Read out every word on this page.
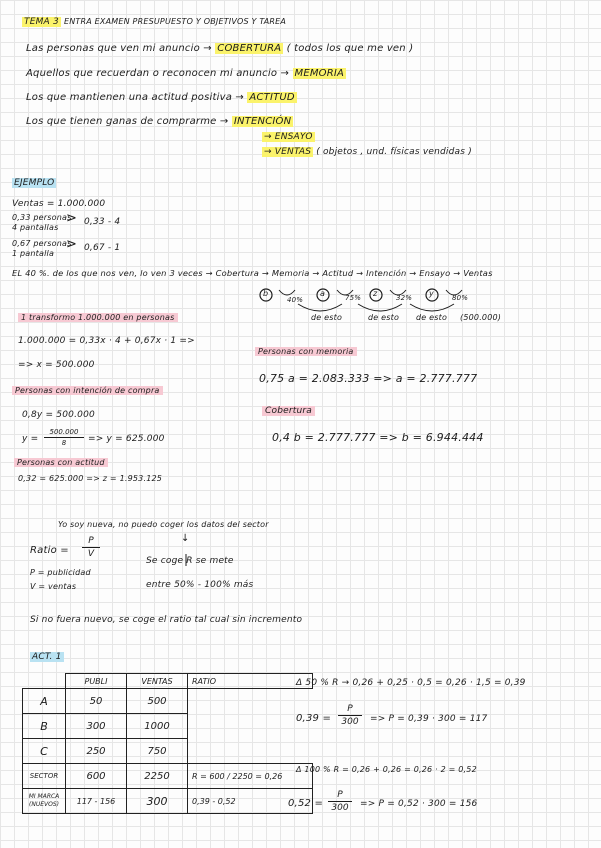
TEMA 3 ENTRA EXAMEN PRESUPUESTO Y OBJETIVOS Y TAREA
Las personas que ven mi anuncio → COBERTURA ( todos los que me ven )
Aquellos que recuerdan o reconocen mi anuncio → MEMORIA
Los que mantienen una actitud positiva → ACTITUD
Los que tienen ganas de comprarme → INTENCIÓN
→ ENSAYO
→ VENTAS ( objetos , und. físicas vendidas )
EJEMPLO
Ventas = 1.000.000
0,33 personas
4 pantallas
> 0,33 - 4
0,67 personas
1 pantalla
> 0,67 - 1
EL 40 %. de los que nos ven, lo ven 3 veces → Cobertura → Memoria → Actitud → Intención → Ensayo → Ventas
b	a	z	y
40%	75%	32%	80%
de esto	de esto de esto (500.000)
1 transformo 1.000.000 en personas
1.000.000 = 0,33x · 4 + 0,67x · 1 =>
=> x = 500.000
Personas con intención de compra
0,8y = 500.000
y =
500.000
8	=> y = 625.000
Personas con actitud
0,32 = 625.000 => z = 1.953.125
Personas con memoria
0,75 a = 2.083.333 => a = 2.777.777
Cobertura
0,4 b = 2.777.777 => b = 6.944.444
Yo soy nueva, no puedo coger los datos del sector
Ratio =
P
V
P = publicidad
V = ventas
↓
Se coge R se mete
entre 50% - 100% más
Si no fuera nuevo, se coge el ratio tal cual sin incremento
ACT. 1
	PUBLI	VENTAS	RATIO
A	50	500	
B	300	1000	
C	250	750	
SECTOR	600	2250	R = 600 / 2250 = 0,26
MI MARCA (NUEVOS)	117 - 156	300	0,39 - 0,52
Δ 50 % R → 0,26 + 0,25 · 0,5 = 0,26 · 1,5 = 0,39
0,39 =
P
300	=> P = 0,39 · 300 = 117
Δ 100 % R = 0,26 + 0,26 = 0,26 · 2 = 0,52
0,52 =
P
300	=> P = 0,52 · 300 = 156
